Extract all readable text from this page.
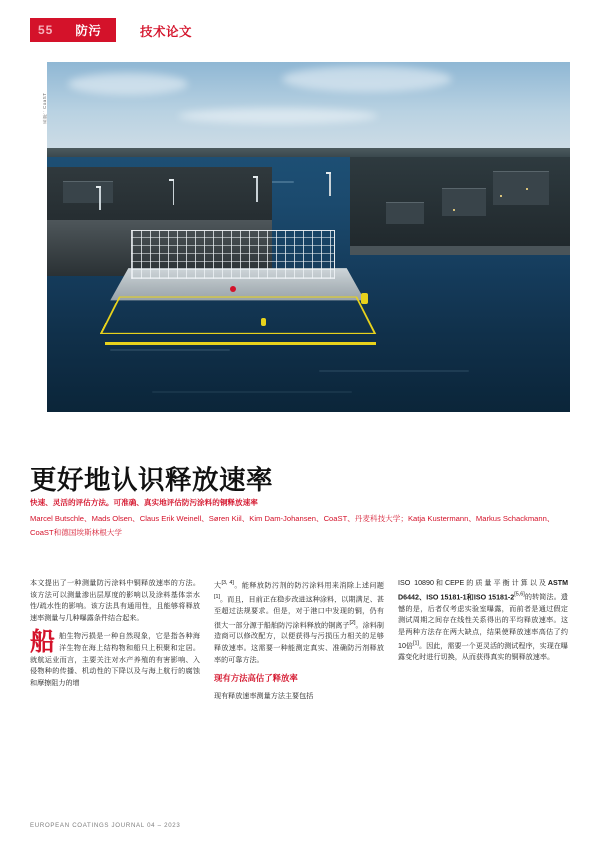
55 防污	技术论文
来源：CoaST
更好地认识释放速率
快速、灵活的评估方法。可准确、真实地评估防污涂料的铜释放速率
Marcel Butschle、Mads Olsen、Claus Erik Weinell、Søren Kiil、Kim Dam-Johansen、CoaST、丹麦科技大学；Katja Kustermann、Markus Schackmann、CoaST和德国埃斯林根大学

本文提出了一种测量防污涂料中铜释放速率的方法。该方法可以测量渗出层厚度的影响以及涂料基体亲水性/疏水性的影响。该方法具有通用性，且能够将释放速率测量与几种曝露条件结合起来。

船 舶生物污损是一种自然现象，它是指各种海洋生物在海上结构物和船只上积聚和定居。就航运业而言，主要关注对水产养殖的有害影响、入侵物种的传播、机动性的下降以及与海上航行的腐蚀和摩擦阻力的增

大[3, 4]。能释放防污剂的防污涂料用来消除上述问题[1]。而且，目前正在稳步改进这种涂料，以期满足、甚至超过法规要求。但是，对于港口中发现的铜，仍有很大一部分源于船舶防污涂料释放的铜离子[2]。涂料制造商可以修改配方，以便获得与污损压力相关的足够释放速率。这需要一种能测定真实、准确防污剂释放率的可靠方法。

现有方法高估了释放率

现有释放速率测量方法主要包括

ISO 10890和CEPE的质量平衡计算以及ASTM D6442、ISO 15181-1和ISO 15181-2[5,6]的转简法。遗憾的是，后者仅考虑实验室曝露，而前者是通过假定测试周期之间存在线性关系得出的平均释放速率。这是两种方法存在两大缺点，结果使释放速率高估了约10倍[1]。因此，需要一个更灵活的测试程序，实现在曝露变化时进行切换，从而获得真实的铜释放速率。

EUROPEAN COATINGS JOURNAL 04 – 2023
